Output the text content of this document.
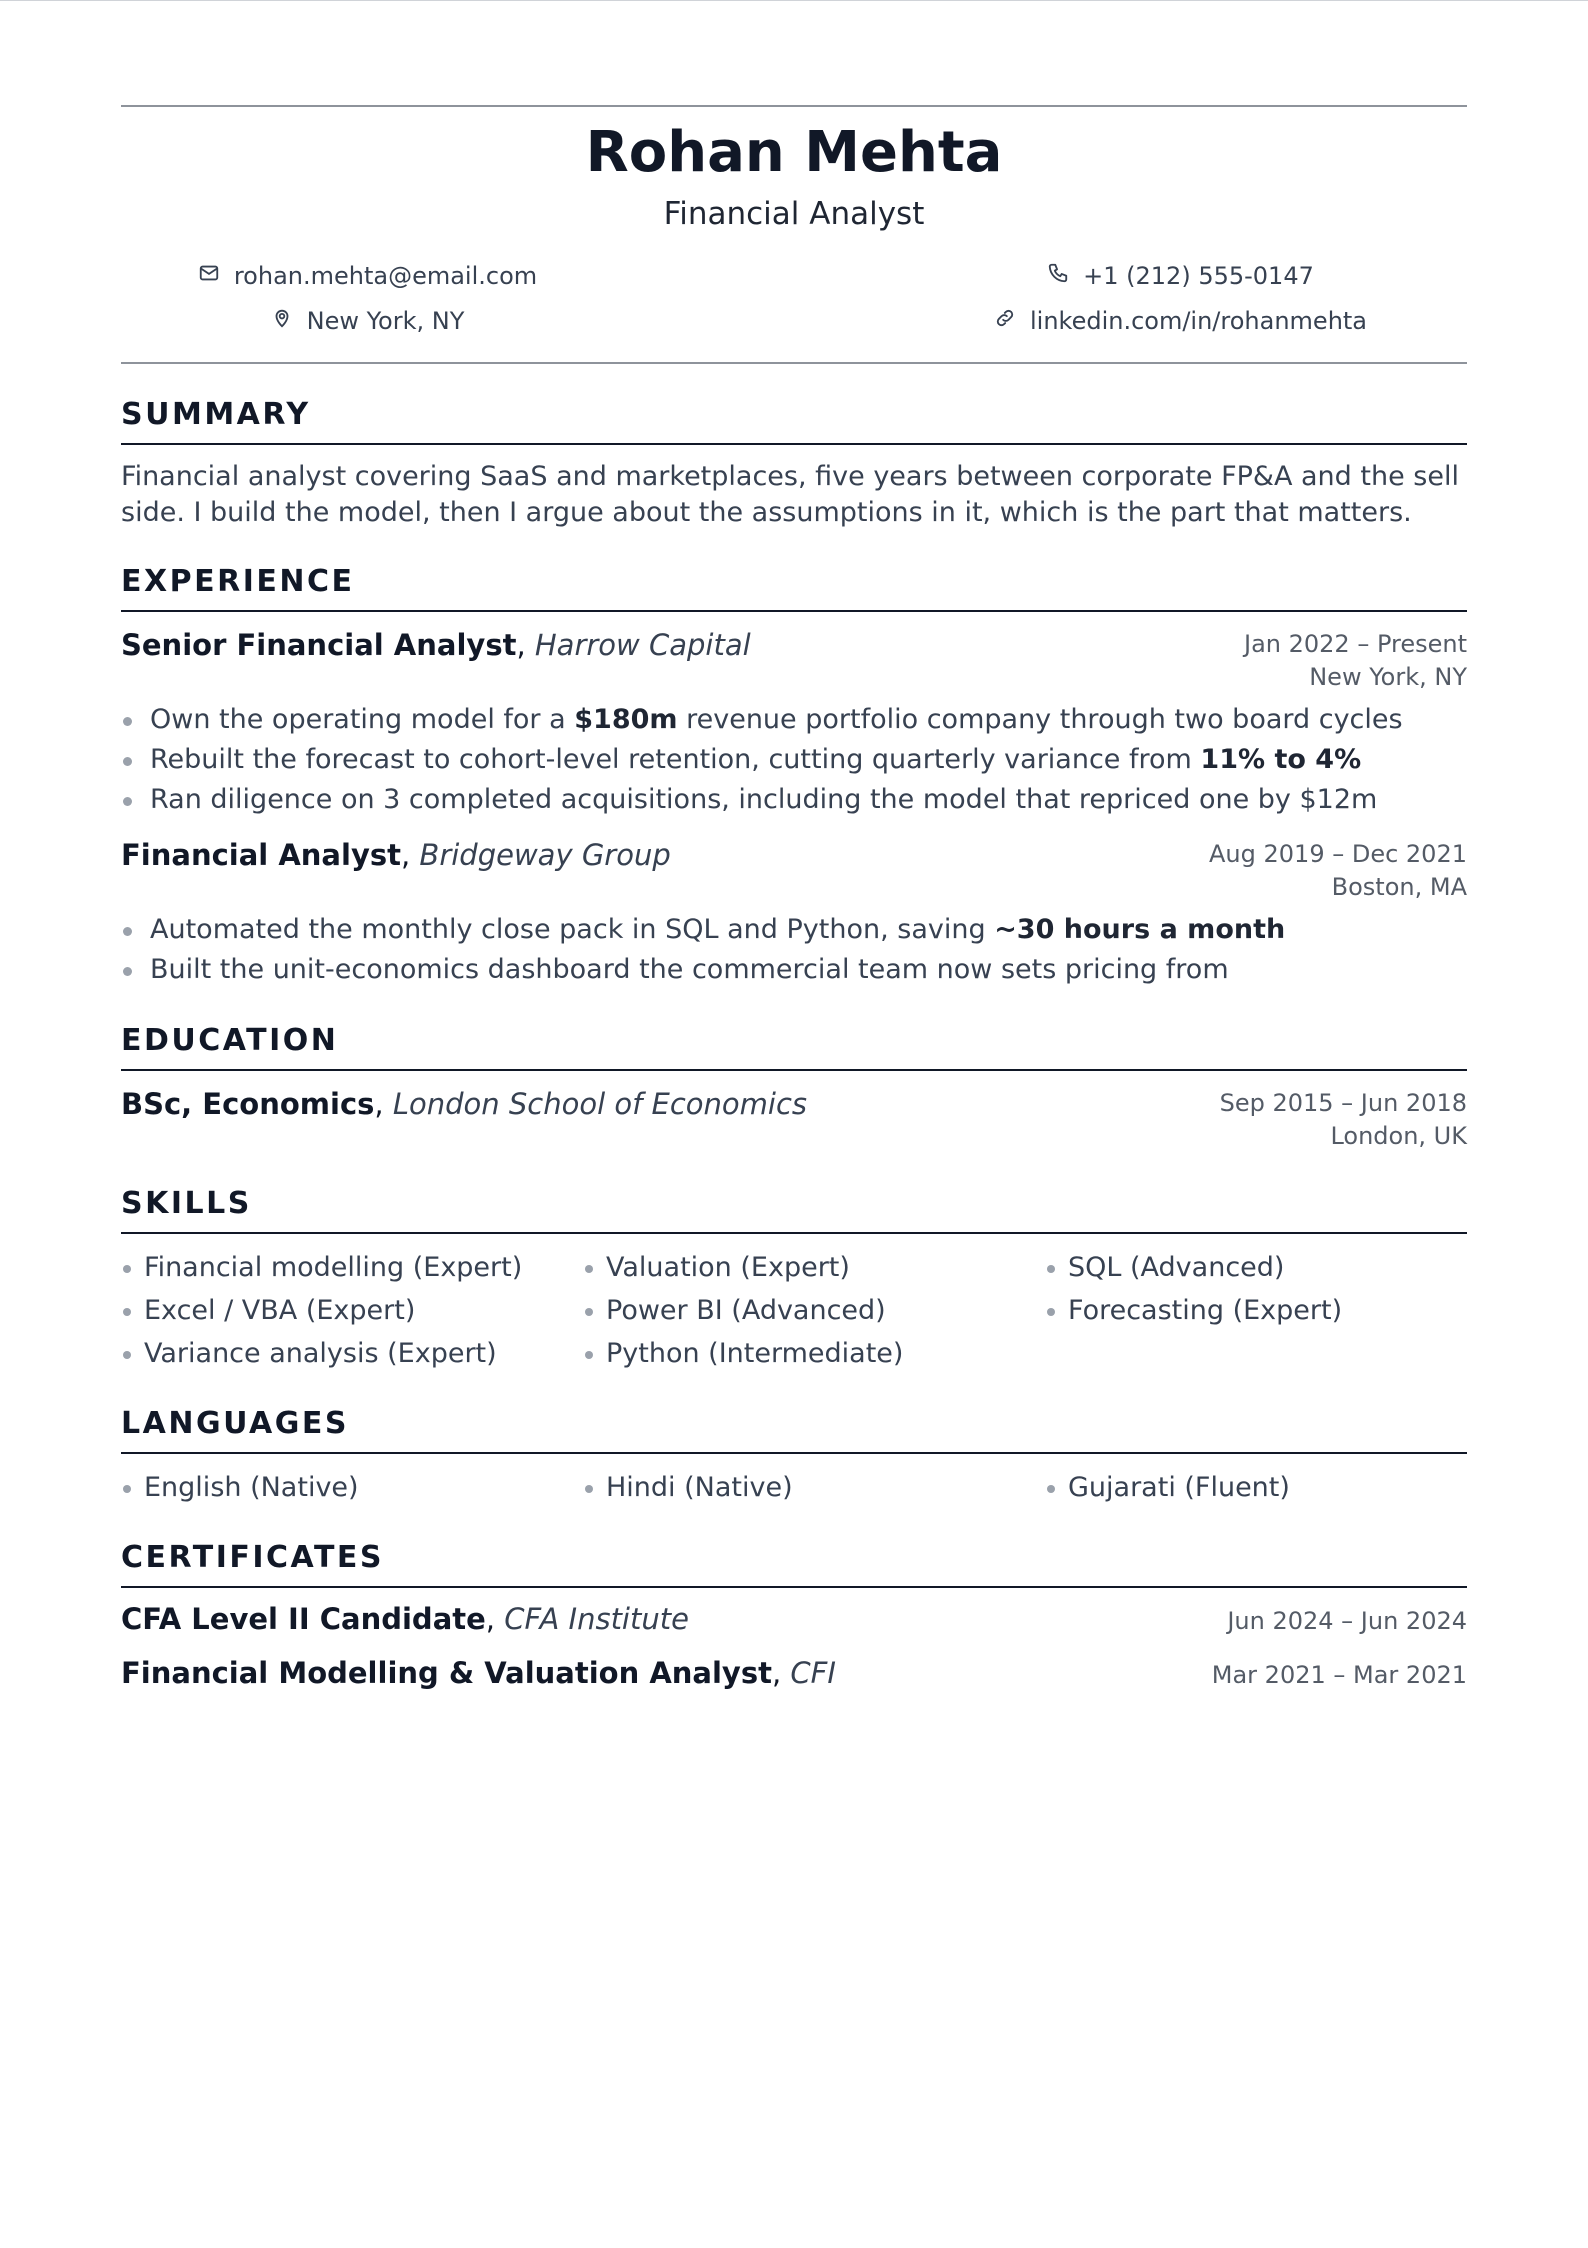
Rohan Mehta
Financial Analyst
rohan.mehta@email.com	+1 (212) 555-0147
New York, NY	linkedin.com/in/rohanmehta
SUMMARY
Financial analyst covering SaaS and marketplaces, five years between corporate FP&A and the sell side. I build the model, then I argue about the assumptions in it, which is the part that matters.
EXPERIENCE
Senior Financial Analyst, Harrow Capital	Jan 2022 – Present
New York, NY
Own the operating model for a $180m revenue portfolio company through two board cycles
Rebuilt the forecast to cohort-level retention, cutting quarterly variance from 11% to 4%
Ran diligence on 3 completed acquisitions, including the model that repriced one by $12m
Financial Analyst, Bridgeway Group	Aug 2019 – Dec 2021
Boston, MA
Automated the monthly close pack in SQL and Python, saving ~30 hours a month
Built the unit-economics dashboard the commercial team now sets pricing from
EDUCATION
BSc, Economics, London School of Economics	Sep 2015 – Jun 2018
London, UK
SKILLS
Financial modelling (Expert)	Valuation (Expert)	SQL (Advanced)
Excel / VBA (Expert)	Power BI (Advanced)	Forecasting (Expert)
Variance analysis (Expert)	Python (Intermediate)
LANGUAGES
English (Native)	Hindi (Native)	Gujarati (Fluent)
CERTIFICATES
CFA Level II Candidate, CFA Institute	Jun 2024 – Jun 2024
Financial Modelling & Valuation Analyst, CFI	Mar 2021 – Mar 2021
